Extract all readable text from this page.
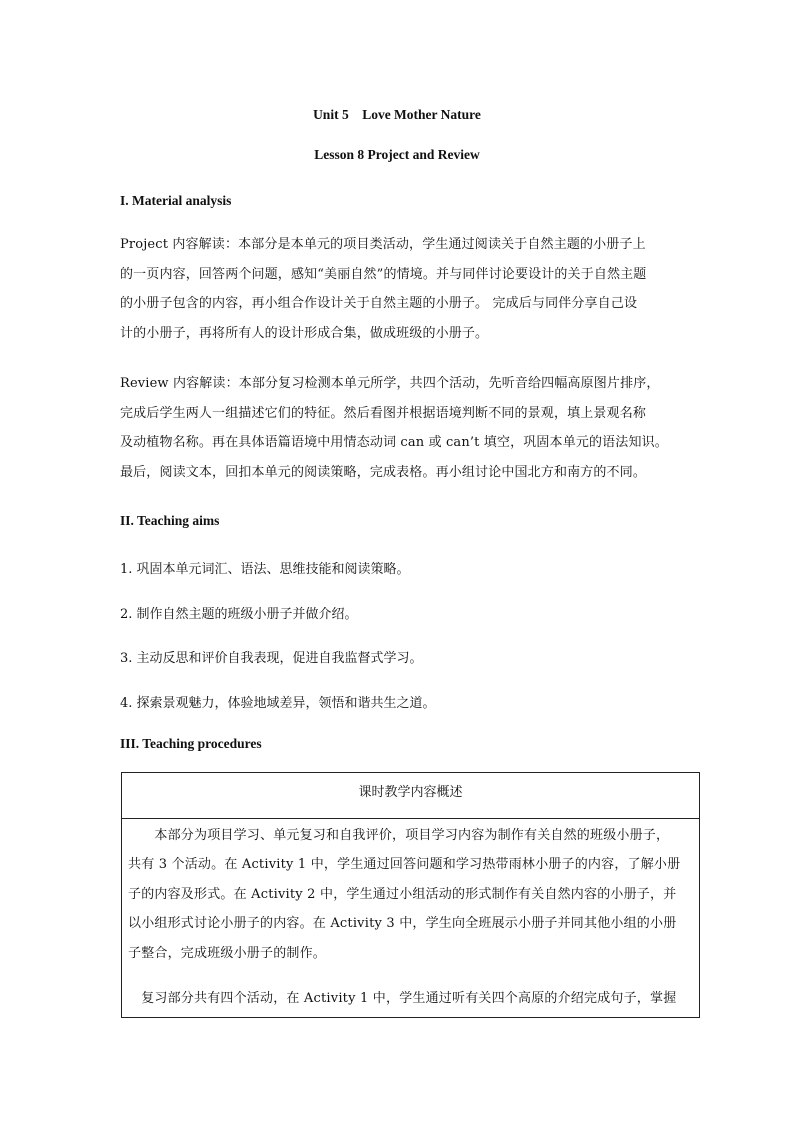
Unit 5　Love Mother Nature
Lesson 8 Project and Review
I. Material analysis
Project 内容解读：本部分是本单元的项目类活动，学生通过阅读关于自然主题的小册子上
的一页内容，回答两个问题，感知“美丽自然”的情境。并与同伴讨论要设计的关于自然主题
的小册子包含的内容，再小组合作设计关于自然主题的小册子。 完成后与同伴分享自己设
计的小册子，再将所有人的设计形成合集，做成班级的小册子。
Review 内容解读：本部分复习检测本单元所学，共四个活动，先听音给四幅高原图片排序，
完成后学生两人一组描述它们的特征。然后看图并根据语境判断不同的景观，填上景观名称
及动植物名称。再在具体语篇语境中用情态动词 can 或 can’t 填空，巩固本单元的语法知识。
最后，阅读文本，回扣本单元的阅读策略，完成表格。再小组讨论中国北方和南方的不同。
II. Teaching aims
1. 巩固本单元词汇、语法、思维技能和阅读策略。
2. 制作自然主题的班级小册子并做介绍。
3. 主动反思和评价自我表现，促进自我监督式学习。
4. 探索景观魅力，体验地域差异，领悟和谐共生之道。
III. Teaching procedures
课时教学内容概述
　　本部分为项目学习、单元复习和自我评价，项目学习内容为制作有关自然的班级小册子，
共有 3 个活动。在 Activity 1 中，学生通过回答问题和学习热带雨林小册子的内容，了解小册
子的内容及形式。在 Activity 2 中，学生通过小组活动的形式制作有关自然内容的小册子，并
以小组形式讨论小册子的内容。在 Activity 3 中，学生向全班展示小册子并同其他小组的小册
子整合，完成班级小册子的制作。
　复习部分共有四个活动，在 Activity 1 中，学生通过听有关四个高原的介绍完成句子，掌握
